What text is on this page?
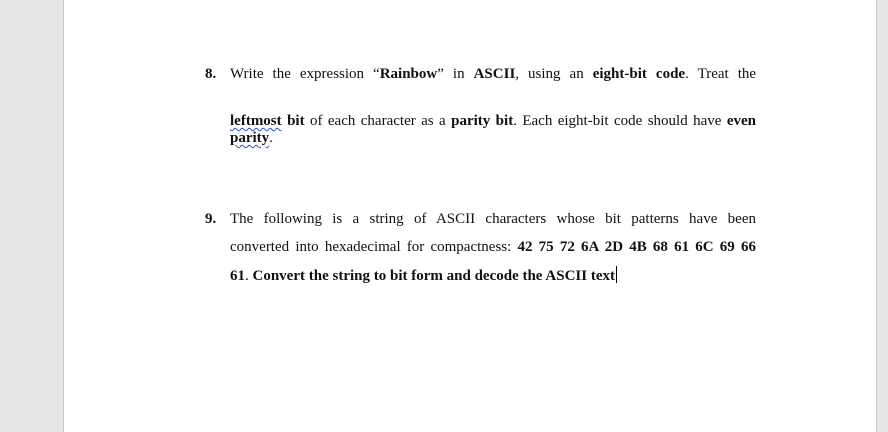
8. Write the expression “Rainbow” in ASCII, using an eight-bit code. Treat the
leftmost bit of each character as a parity bit. Each eight-bit code should have even
parity.
9. The following is a string of ASCII characters whose bit patterns have been
converted into hexadecimal for compactness: 42 75 72 6A 2D 4B 68 61 6C 69 66
61. Convert the string to bit form and decode the ASCII text
